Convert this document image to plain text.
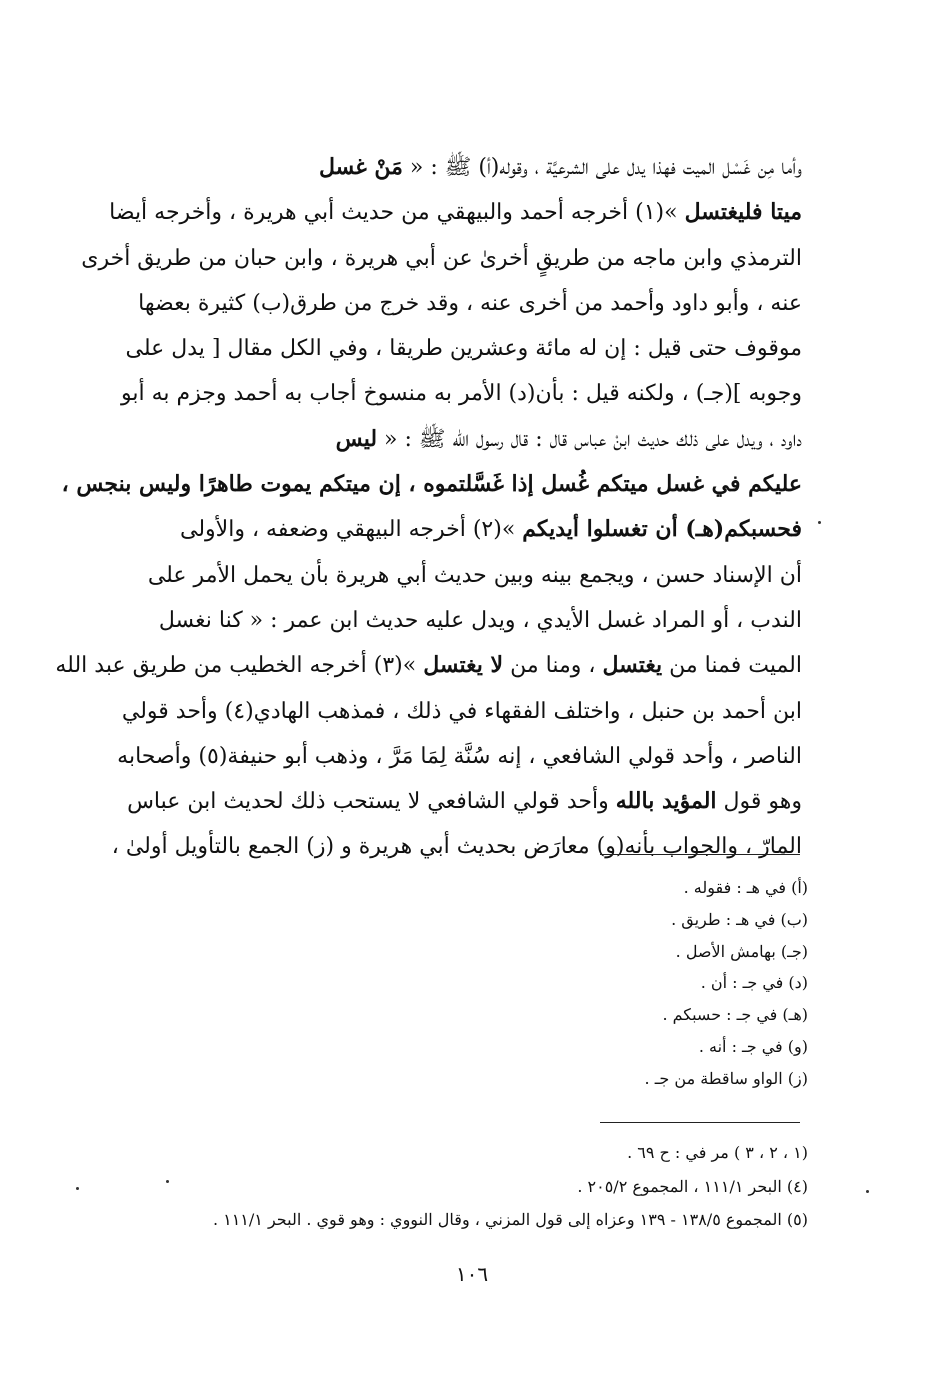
وأما مِن غَسْل الميت فهذا يدل على الشرعيَّة ، وقوله(أ) ﷺ : « مَنْ غسل
ميتا فليغتسل »(١) أخرجه أحمد والبيهقي من حديث أبي هريرة ، وأخرجه أيضا
الترمذي وابن ماجه من طريقٍ أخرىٰ عن أبي هريرة ، وابن حبان من طريق أخرى
عنه ، وأبو داود وأحمد من أخرى عنه ، وقد خرج من طرق(ب) كثيرة بعضها
موقوف حتى قيل : إن له مائة وعشرين طريقا ، وفي الكل مقال [ يدل على
وجوبه ](جـ) ، ولكنه قيل : بأن(د) الأمر به منسوخ أجاب به أحمد وجزم به أبو
داود ، ويدل على ذلك حديث ابنْ عباس قال : قال رسول الله ﷺ : « ليس
عليكم في غسل ميتكم غُسل إذا غَسَّلتموه ، إن ميتكم يموت طاهرًا وليس بنجس ،
فحسبكم(هـ) أن تغسلوا أيديكم »(٢) أخرجه البيهقي وضعفه ، والأولى
أن الإسناد حسن ، ويجمع بينه وبين حديث أبي هريرة بأن يحمل الأمر على
الندب ، أو المراد غسل الأيدي ، ويدل عليه حديث ابن عمر : « كنا نغسل
الميت فمنا من يغتسل ، ومنا من لا يغتسل »(٣) أخرجه الخطيب من طريق عبد الله
ابن أحمد بن حنبل ، واختلف الفقهاء في ذلك ، فمذهب الهادي(٤) وأحد قولي
الناصر ، وأحد قولي الشافعي ، إنه سُنَّة لِمَا مَرَّ ، وذهب أبو حنيفة(٥) وأصحابه
وهو قول المؤيد بالله وأحد قولي الشافعي لا يستحب ذلك لحديث ابن عباس
المارّ ، والجواب بأنه(و) معارَض بحديث أبي هريرة و (ز) الجمع بالتأويل أولىٰ ،
(أ) في هـ : فقوله .
(ب) في هـ : طريق .
(جـ) بهامش الأصل .
(د) في جـ : أن .
(هـ) في جـ : حسبكم .
(و) في جـ : أنه .
(ز) الواو ساقطة من جـ .
(١ ، ٢ ، ٣ ) مر في : ح ٦٩ .
(٤) البحر ١١١/١ ، المجموع ٢٠٥/٢ .
(٥) المجموع ١٣٨/٥ - ١٣٩ وعزاه إلى قول المزني ، وقال النووي : وهو قوي . البحر ١١١/١ .
١٠٦
